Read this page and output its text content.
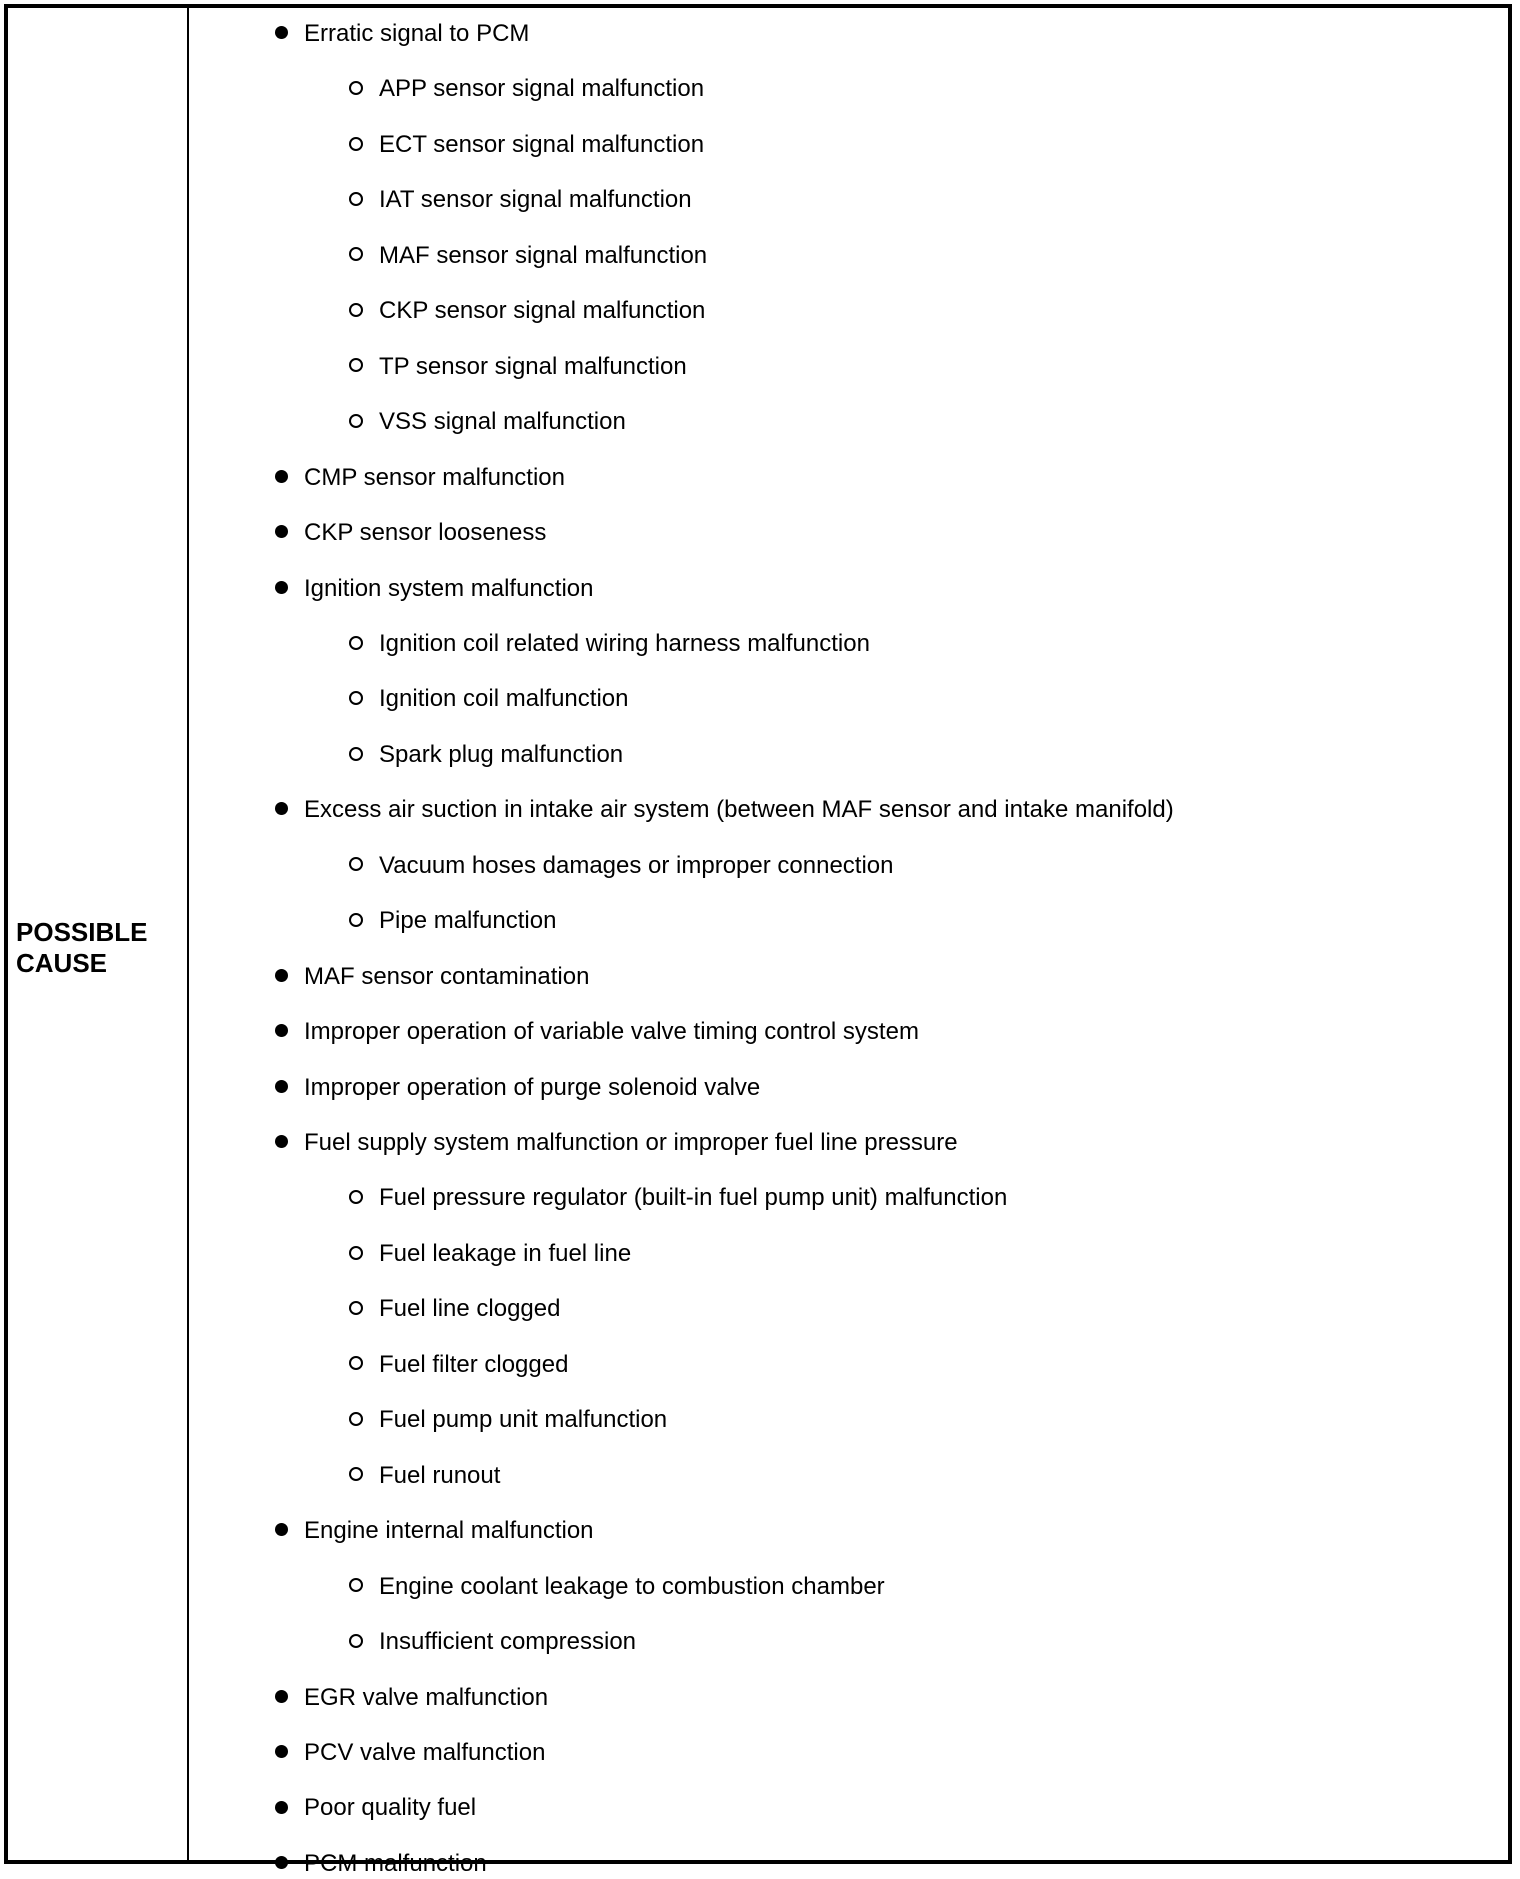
POSSIBLE CAUSE
Erratic signal to PCM
APP sensor signal malfunction
ECT sensor signal malfunction
IAT sensor signal malfunction
MAF sensor signal malfunction
CKP sensor signal malfunction
TP sensor signal malfunction
VSS signal malfunction
CMP sensor malfunction
CKP sensor looseness
Ignition system malfunction
Ignition coil related wiring harness malfunction
Ignition coil malfunction
Spark plug malfunction
Excess air suction in intake air system (between MAF sensor and intake manifold)
Vacuum hoses damages or improper connection
Pipe malfunction
MAF sensor contamination
Improper operation of variable valve timing control system
Improper operation of purge solenoid valve
Fuel supply system malfunction or improper fuel line pressure
Fuel pressure regulator (built-in fuel pump unit) malfunction
Fuel leakage in fuel line
Fuel line clogged
Fuel filter clogged
Fuel pump unit malfunction
Fuel runout
Engine internal malfunction
Engine coolant leakage to combustion chamber
Insufficient compression
EGR valve malfunction
PCV valve malfunction
Poor quality fuel
PCM malfunction
